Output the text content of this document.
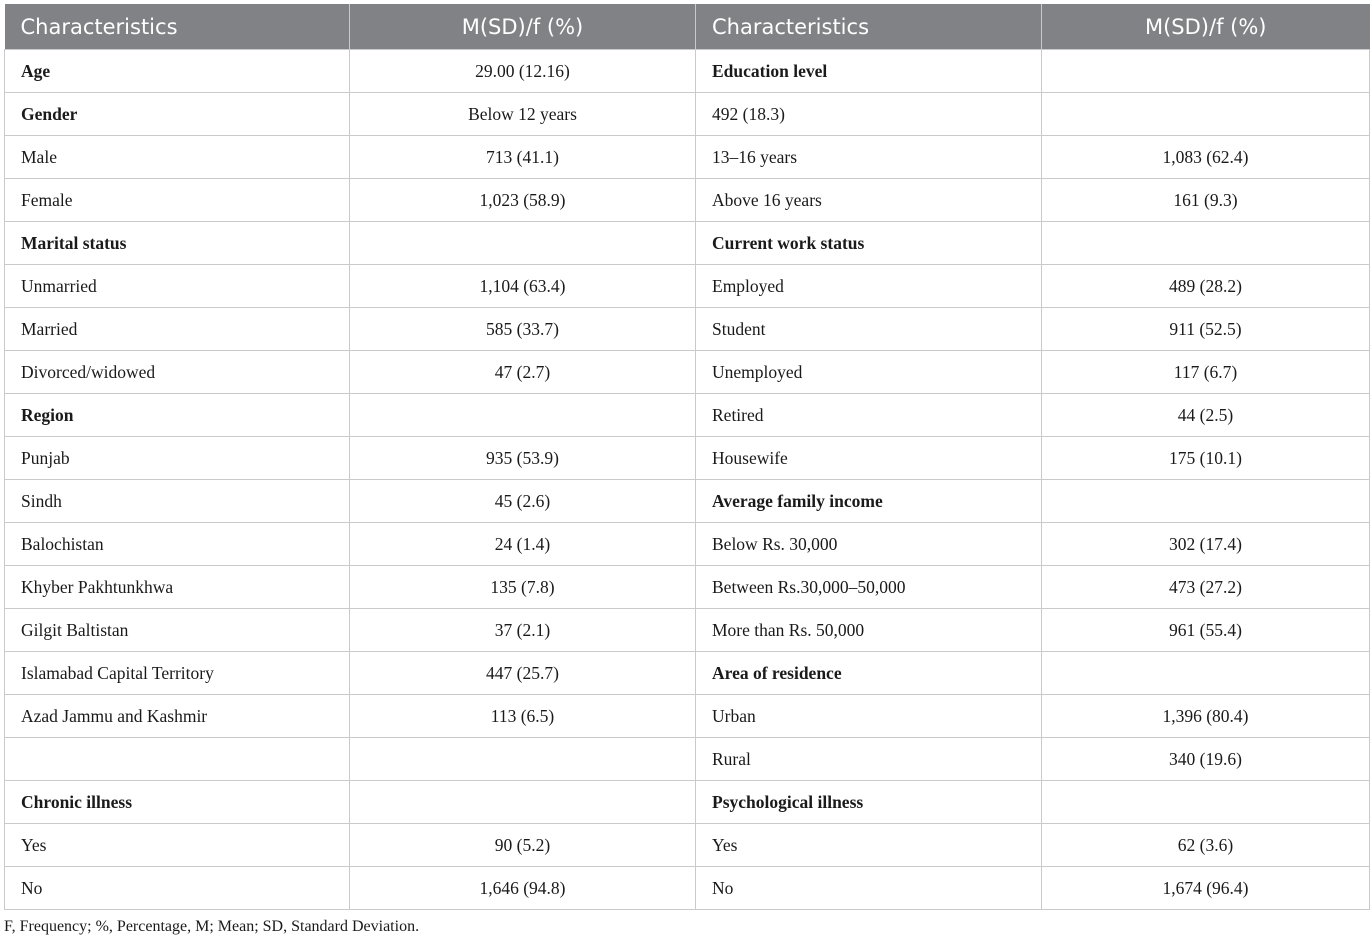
Characteristics	M(SD)/f (%)	Characteristics	M(SD)/f (%)
Age	29.00 (12.16)	Education level	
Gender	Below 12 years	492 (18.3)	
Male	713 (41.1)	13–16 years	1,083 (62.4)
Female	1,023 (58.9)	Above 16 years	161 (9.3)
Marital status		Current work status	
Unmarried	1,104 (63.4)	Employed	489 (28.2)
Married	585 (33.7)	Student	911 (52.5)
Divorced/widowed	47 (2.7)	Unemployed	117 (6.7)
Region		Retired	44 (2.5)
Punjab	935 (53.9)	Housewife	175 (10.1)
Sindh	45 (2.6)	Average family income	
Balochistan	24 (1.4)	Below Rs. 30,000	302 (17.4)
Khyber Pakhtunkhwa	135 (7.8)	Between Rs.30,000–50,000	473 (27.2)
Gilgit Baltistan	37 (2.1)	More than Rs. 50,000	961 (55.4)
Islamabad Capital Territory	447 (25.7)	Area of residence	
Azad Jammu and Kashmir	113 (6.5)	Urban	1,396 (80.4)
		Rural	340 (19.6)
Chronic illness		Psychological illness	
Yes	90 (5.2)	Yes	62 (3.6)
No	1,646 (94.8)	No	1,674 (96.4)
F, Frequency; %, Percentage, M; Mean; SD, Standard Deviation.
